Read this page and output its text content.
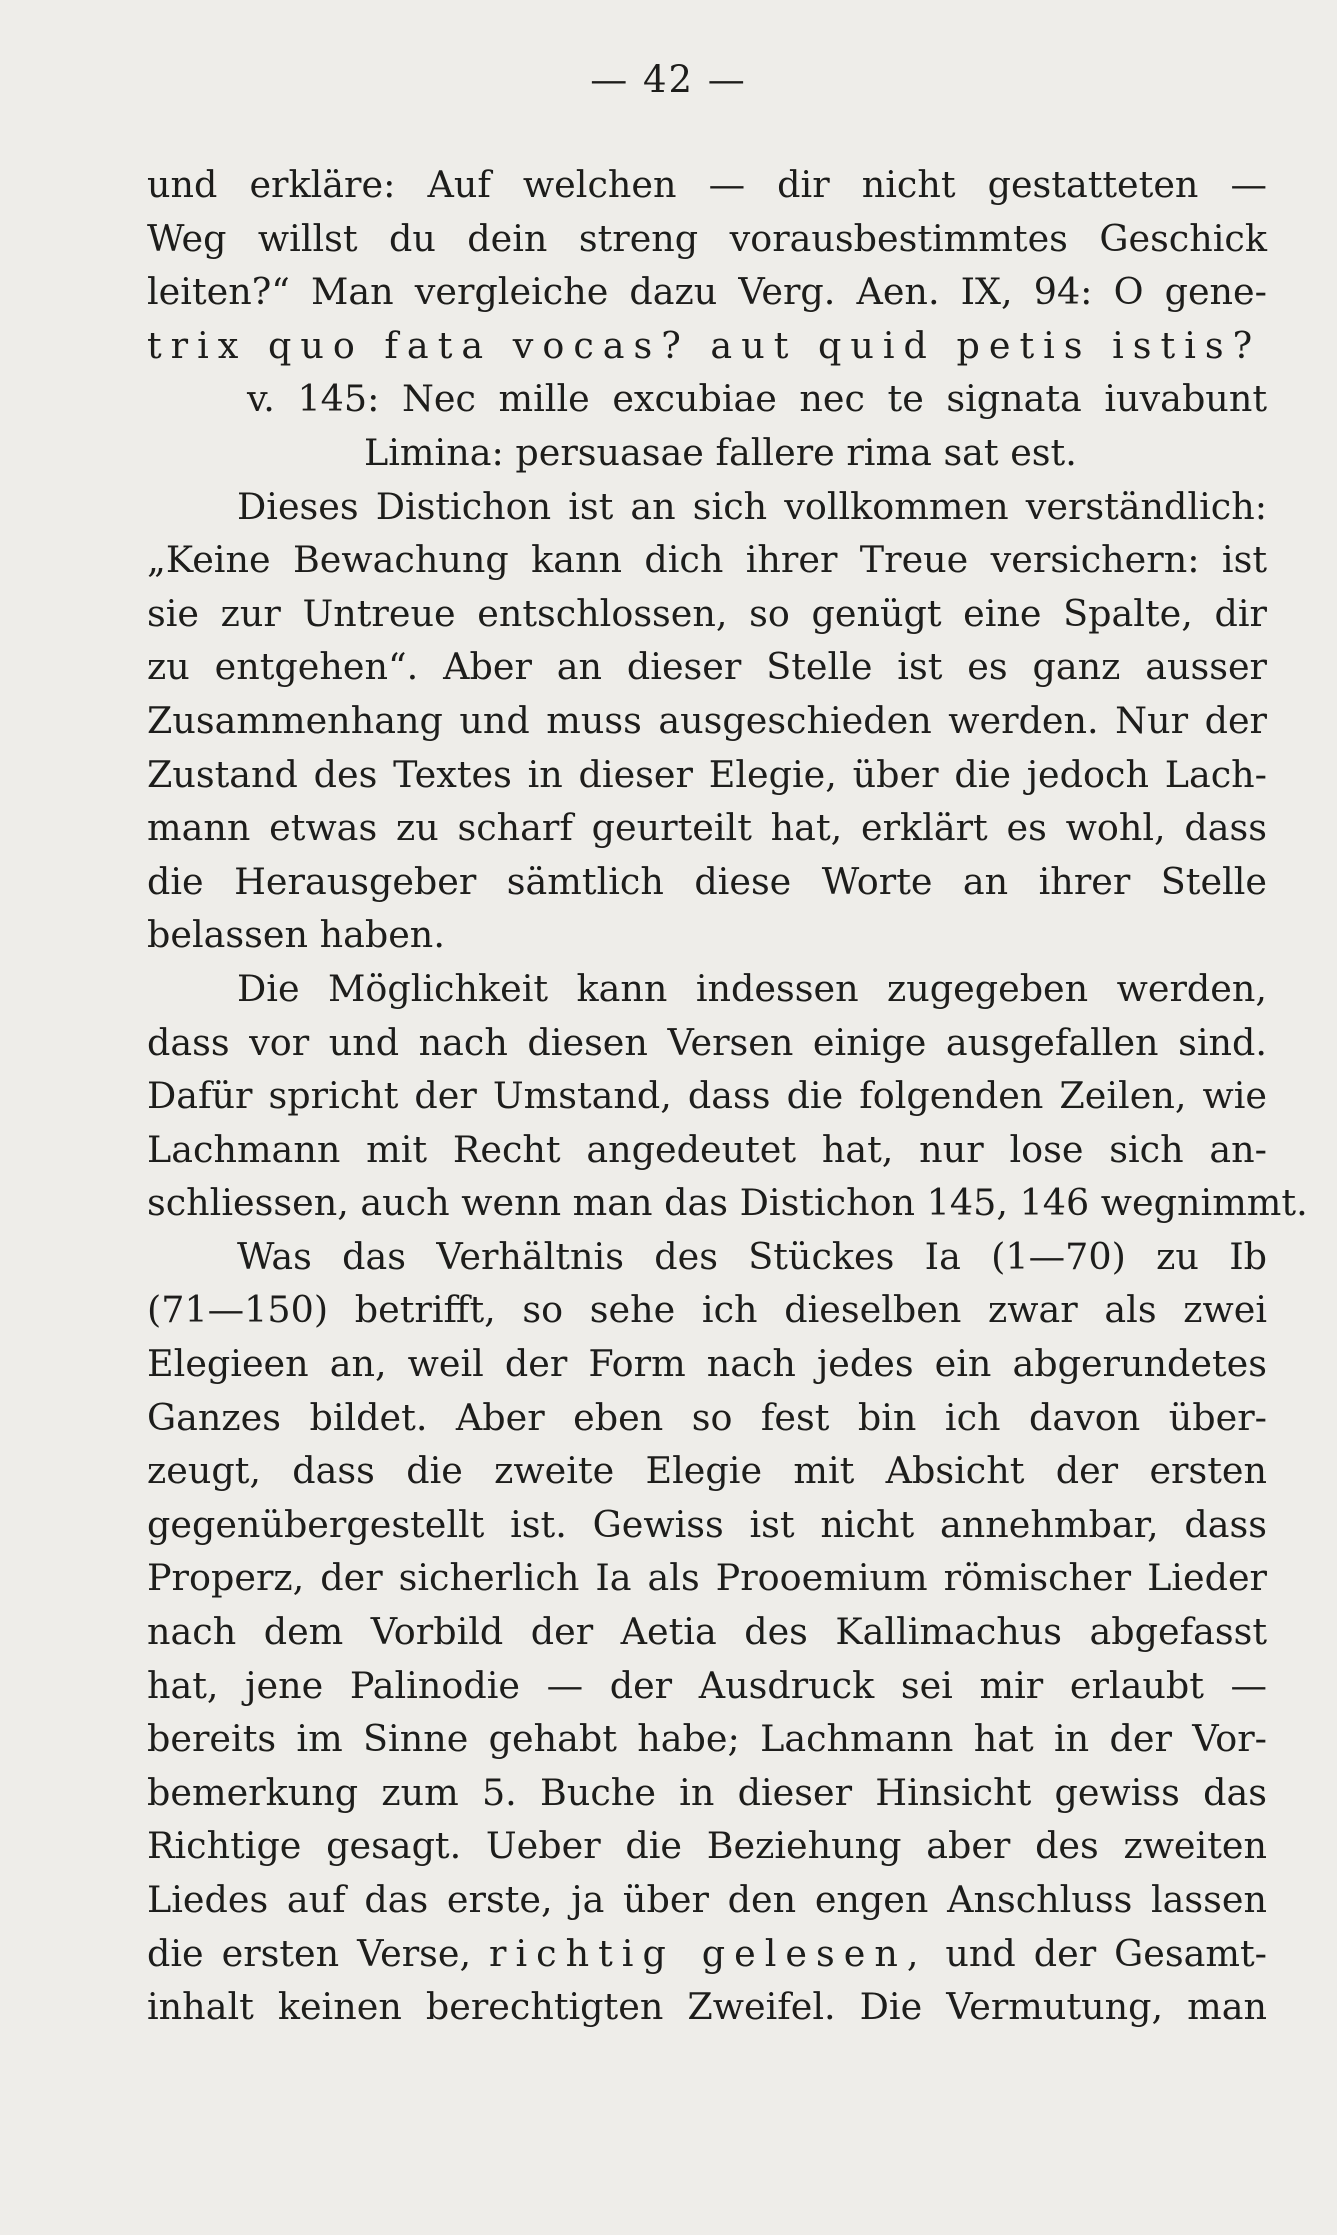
— 42 —
und erkläre: Auf welchen — dir nicht gestatteten —
Weg willst du dein streng vorausbestimmtes Geschick
leiten?“ Man vergleiche dazu Verg. Aen. IX, 94: O gene-
trix quo fata vocas? aut quid petis istis?
v. 145: Nec mille excubiae nec te signata iuvabunt
Limina: persuasae fallere rima sat est.
Dieses Distichon ist an sich vollkommen verständlich:
„Keine Bewachung kann dich ihrer Treue versichern: ist
sie zur Untreue entschlossen, so genügt eine Spalte, dir
zu entgehen“. Aber an dieser Stelle ist es ganz ausser
Zusammenhang und muss ausgeschieden werden. Nur der
Zustand des Textes in dieser Elegie, über die jedoch Lach-
mann etwas zu scharf geurteilt hat, erklärt es wohl, dass
die Herausgeber sämtlich diese Worte an ihrer Stelle
belassen haben.
Die Möglichkeit kann indessen zugegeben werden,
dass vor und nach diesen Versen einige ausgefallen sind.
Dafür spricht der Umstand, dass die folgenden Zeilen, wie
Lachmann mit Recht angedeutet hat, nur lose sich an-
schliessen, auch wenn man das Distichon 145, 146 wegnimmt.
Was das Verhältnis des Stückes Ia (1—70) zu Ib
(71—150) betrifft, so sehe ich dieselben zwar als zwei
Elegieen an, weil der Form nach jedes ein abgerundetes
Ganzes bildet. Aber eben so fest bin ich davon über-
zeugt, dass die zweite Elegie mit Absicht der ersten
gegenübergestellt ist. Gewiss ist nicht annehmbar, dass
Properz, der sicherlich Ia als Prooemium römischer Lieder
nach dem Vorbild der Aetia des Kallimachus abgefasst
hat, jene Palinodie — der Ausdruck sei mir erlaubt —
bereits im Sinne gehabt habe; Lachmann hat in der Vor-
bemerkung zum 5. Buche in dieser Hinsicht gewiss das
Richtige gesagt. Ueber die Beziehung aber des zweiten
Liedes auf das erste, ja über den engen Anschluss lassen
die ersten Verse, richtig gelesen, und der Gesamt-
inhalt keinen berechtigten Zweifel. Die Vermutung, man
